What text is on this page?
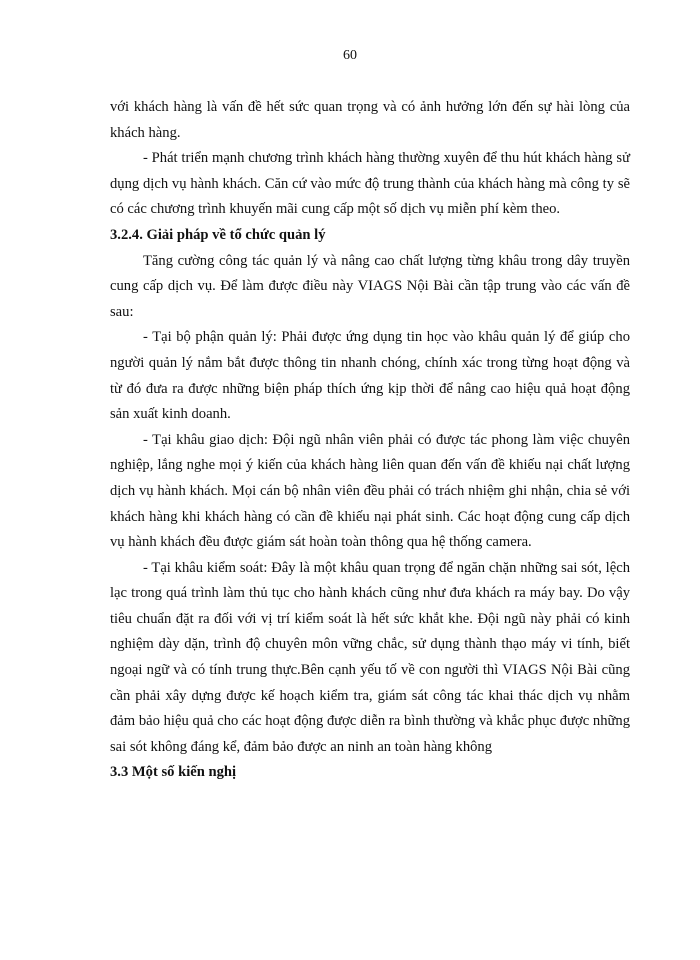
60

với khách hàng là vấn đề hết sức quan trọng và có ảnh hưởng lớn đến sự hài lòng của khách hàng.

- Phát triển mạnh chương trình khách hàng thường xuyên để thu hút khách hàng sử dụng dịch vụ hành khách. Căn cứ vào mức độ trung thành của khách hàng mà công ty sẽ có các chương trình khuyến mãi cung cấp một số dịch vụ miễn phí kèm theo.

3.2.4. Giải pháp về tổ chức quản lý

Tăng cường công tác quản lý và nâng cao chất lượng từng khâu trong dây truyền cung cấp dịch vụ. Để làm được điều này VIAGS Nội Bài cần tập trung vào các vấn đề sau:

- Tại bộ phận quản lý: Phải được ứng dụng tin học vào khâu quản lý để giúp cho người quản lý nắm bắt được thông tin nhanh chóng, chính xác trong từng hoạt động và từ đó đưa ra được những biện pháp thích ứng kịp thời để nâng cao hiệu quả hoạt động sản xuất kinh doanh.

- Tại khâu giao dịch: Đội ngũ nhân viên phải có được tác phong làm việc chuyên nghiệp, lắng nghe mọi ý kiến của khách hàng liên quan đến vấn đề khiếu nại chất lượng dịch vụ hành khách. Mọi cán bộ nhân viên đều phải có trách nhiệm ghi nhận, chia sẻ với khách hàng khi khách hàng có cần đề khiếu nại phát sinh. Các hoạt động cung cấp dịch vụ hành khách đều được giám sát hoàn toàn thông qua hệ thống camera.

- Tại khâu kiểm soát: Đây là một khâu quan trọng để ngăn chặn những sai sót, lệch lạc trong quá trình làm thủ tục cho hành khách cũng như đưa khách ra máy bay. Do vậy tiêu chuẩn đặt ra đối với vị trí kiểm soát là hết sức khắt khe. Đội ngũ này phải có kinh nghiệm dày dặn, trình độ chuyên môn vững chắc, sử dụng thành thạo máy vi tính, biết ngoại ngữ và có tính trung thực.Bên cạnh yếu tố về con người thì VIAGS Nội Bài cũng cần phải xây dựng được kế hoạch kiểm tra, giám sát công tác khai thác dịch vụ nhằm đảm bảo hiệu quả cho các hoạt động được diễn ra bình thường và khắc phục được những sai sót không đáng kể, đảm bảo được an ninh an toàn hàng không

3.3 Một số kiến nghị
